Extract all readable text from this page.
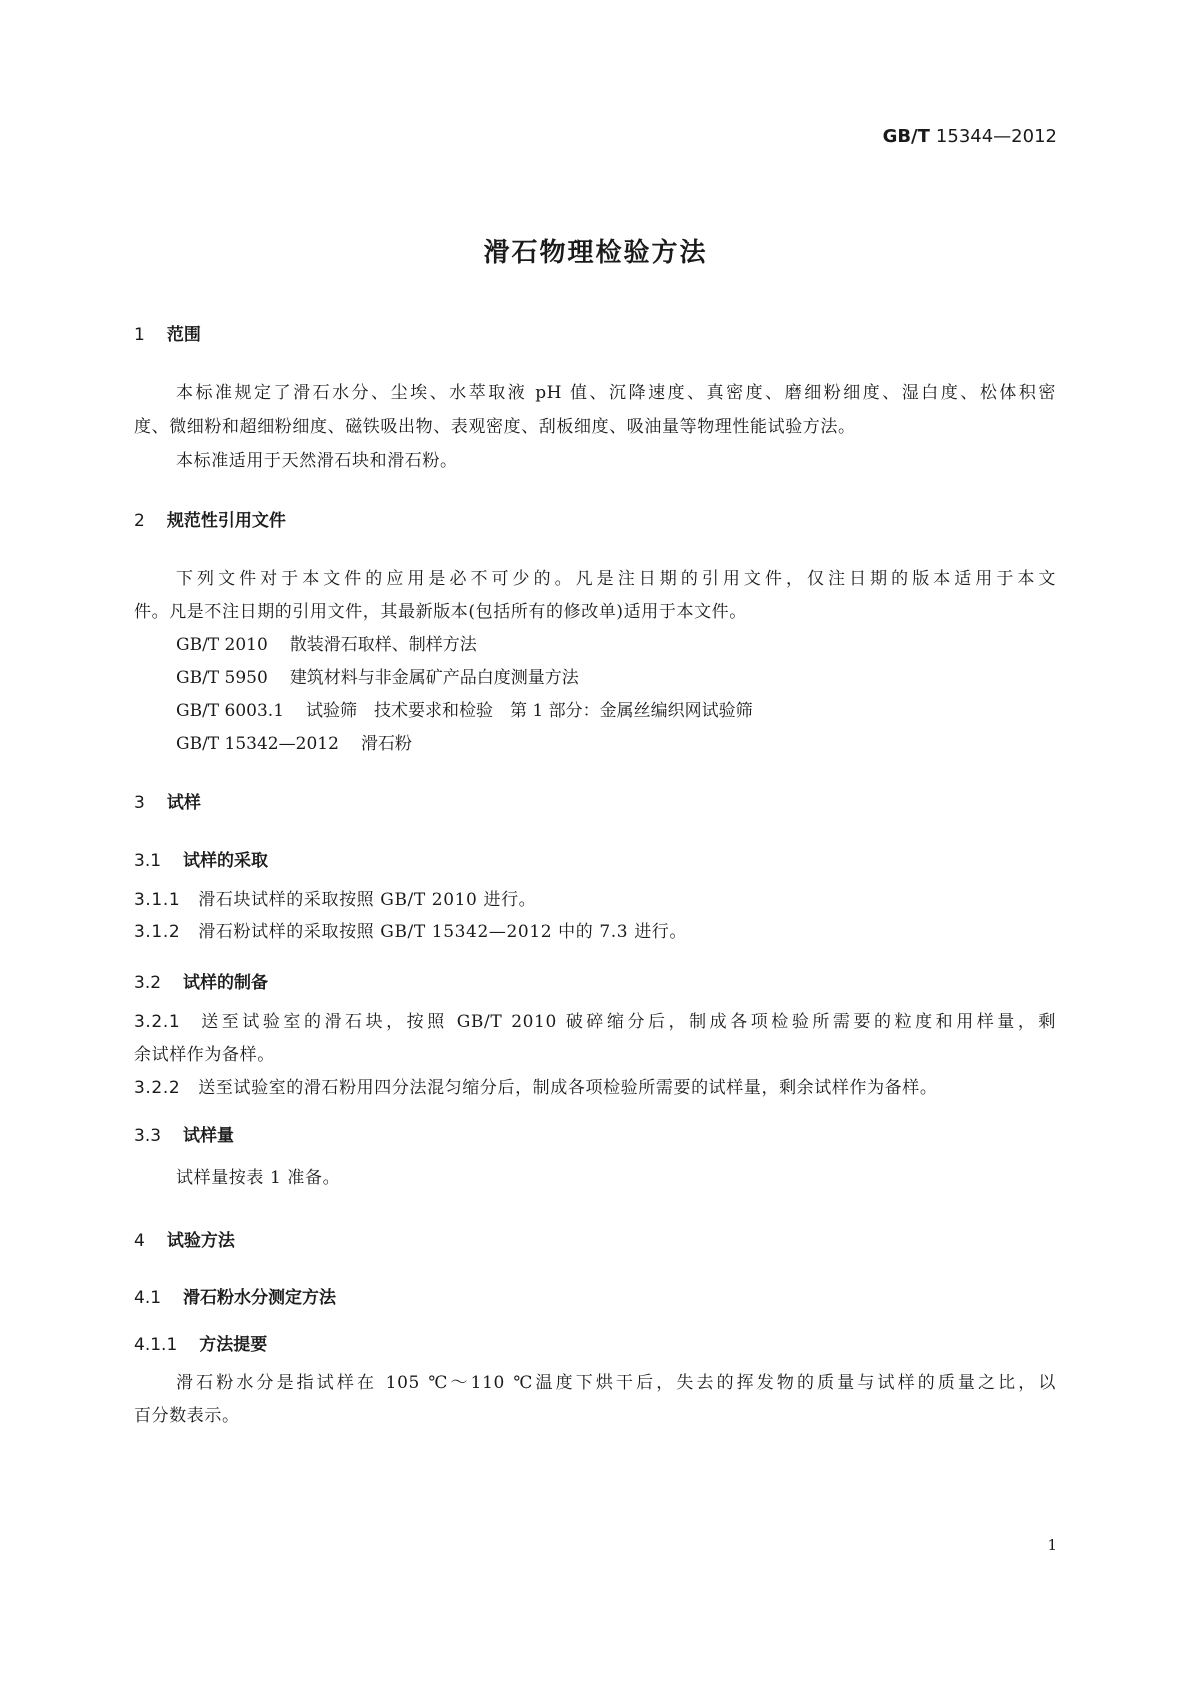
GB/T 15344—2012
滑石物理检验方法
1 范围
本标准规定了滑石水分、尘埃、水萃取液 pH 值、沉降速度、真密度、磨细粉细度、湿白度、松体积密
度、微细粉和超细粉细度、磁铁吸出物、表观密度、刮板细度、吸油量等物理性能试验方法。
本标准适用于天然滑石块和滑石粉。
2 规范性引用文件
下列文件对于本文件的应用是必不可少的。凡是注日期的引用文件，仅注日期的版本适用于本文
件。凡是不注日期的引用文件，其最新版本(包括所有的修改单)适用于本文件。
GB/T 2010 散装滑石取样、制样方法
GB/T 5950 建筑材料与非金属矿产品白度测量方法
GB/T 6003.1 试验筛　技术要求和检验　第 1 部分：金属丝编织网试验筛
GB/T 15342—2012 滑石粉
3 试样
3.1 试样的采取
3.1.1 滑石块试样的采取按照 GB/T 2010 进行。
3.1.2 滑石粉试样的采取按照 GB/T 15342—2012 中的 7.3 进行。
3.2 试样的制备
3.2.1 送至试验室的滑石块，按照 GB/T 2010 破碎缩分后，制成各项检验所需要的粒度和用样量，剩
余试样作为备样。
3.2.2 送至试验室的滑石粉用四分法混匀缩分后，制成各项检验所需要的试样量，剩余试样作为备样。
3.3 试样量
试样量按表 1 准备。
4 试验方法
4.1 滑石粉水分测定方法
4.1.1 方法提要
滑石粉水分是指试样在 105 ℃～110 ℃温度下烘干后，失去的挥发物的质量与试样的质量之比，以
百分数表示。
1
